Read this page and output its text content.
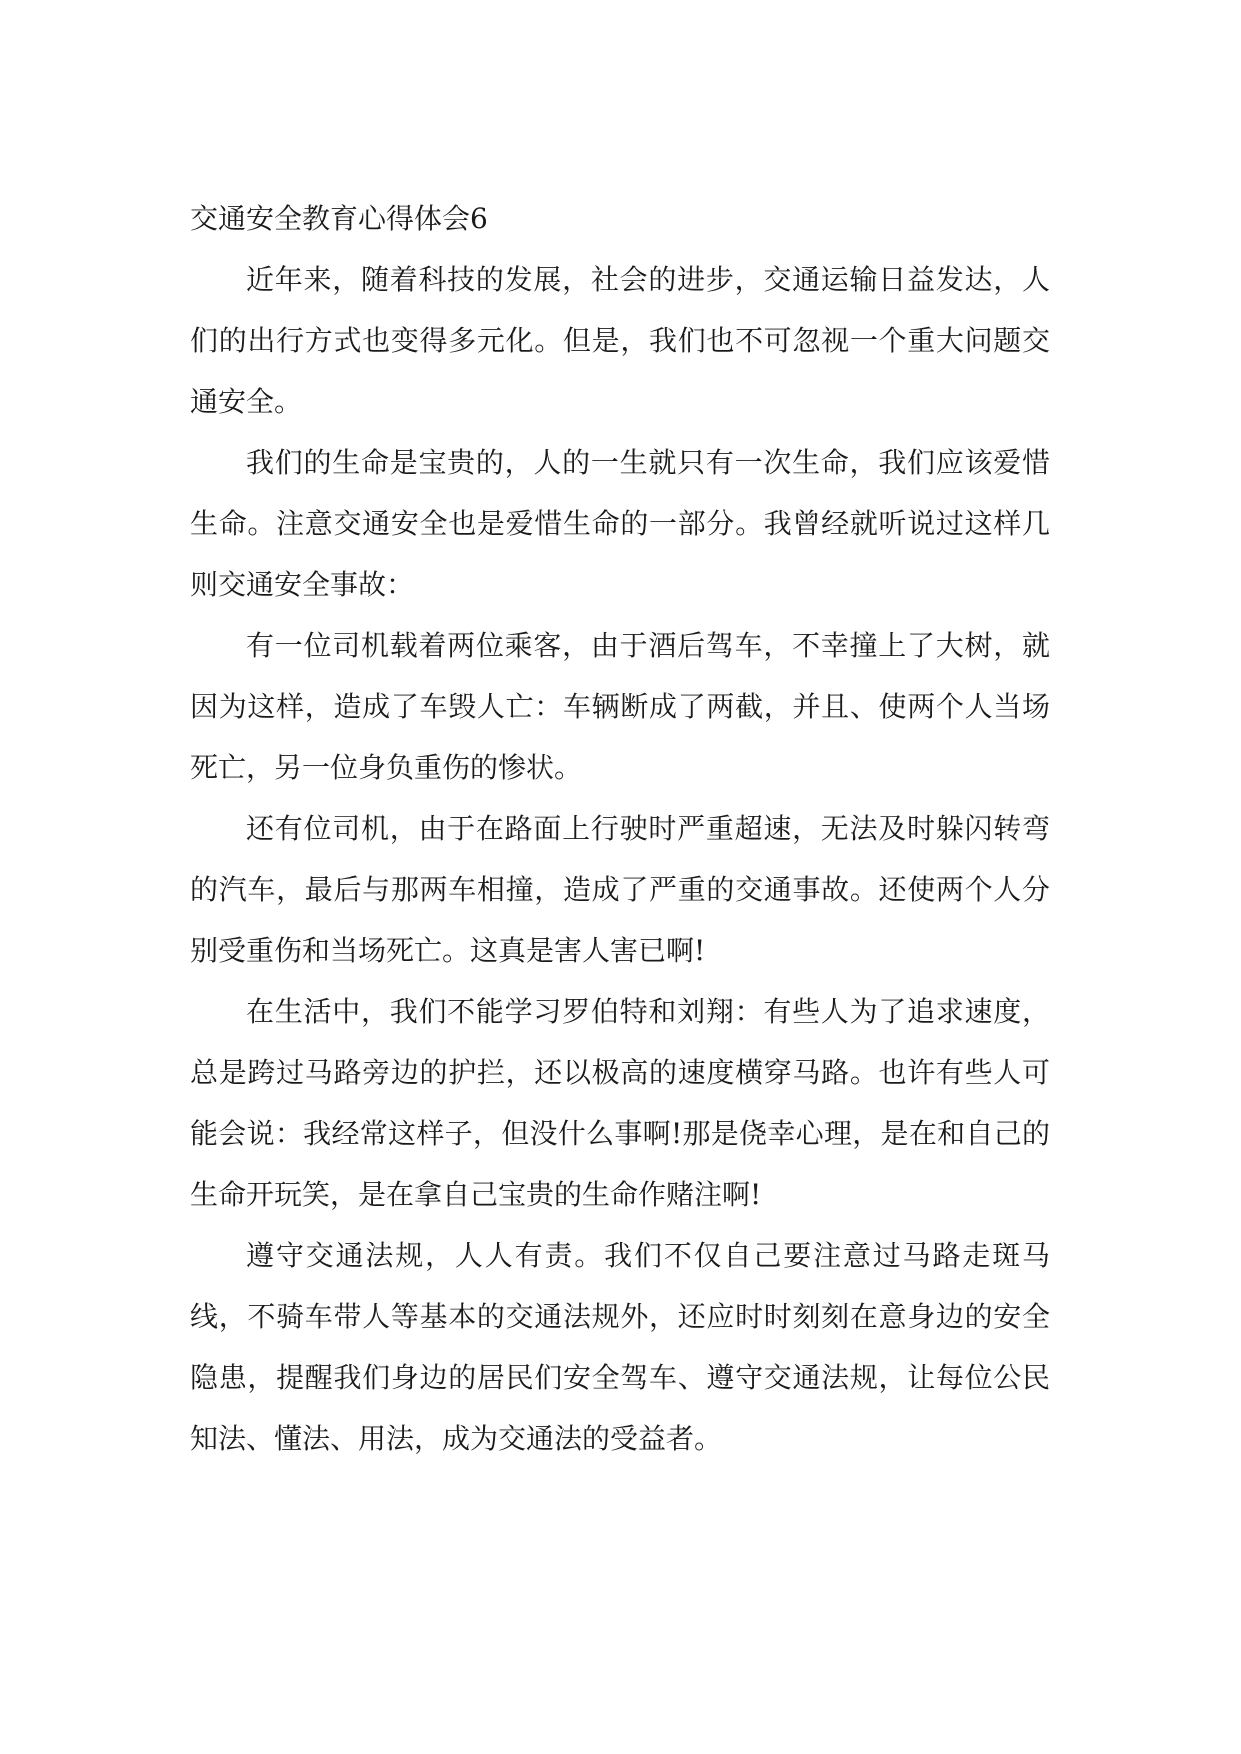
交通安全教育心得体会6

近年来，随着科技的发展，社会的进步，交通运输日益发达，人们的出行方式也变得多元化。但是，我们也不可忽视一个重大问题交通安全。

我们的生命是宝贵的，人的一生就只有一次生命，我们应该爱惜生命。注意交通安全也是爱惜生命的一部分。我曾经就听说过这样几则交通安全事故：

有一位司机载着两位乘客，由于酒后驾车，不幸撞上了大树，就因为这样，造成了车毁人亡：车辆断成了两截，并且、使两个人当场死亡，另一位身负重伤的惨状。

还有位司机，由于在路面上行驶时严重超速，无法及时躲闪转弯的汽车，最后与那两车相撞，造成了严重的交通事故。还使两个人分别受重伤和当场死亡。这真是害人害已啊!

在生活中，我们不能学习罗伯特和刘翔：有些人为了追求速度，总是跨过马路旁边的护拦，还以极高的速度横穿马路。也许有些人可能会说：我经常这样子，但没什么事啊!那是侥幸心理，是在和自己的生命开玩笑，是在拿自己宝贵的生命作赌注啊!

遵守交通法规，人人有责。我们不仅自己要注意过马路走斑马线，不骑车带人等基本的交通法规外，还应时时刻刻在意身边的安全隐患，提醒我们身边的居民们安全驾车、遵守交通法规，让每位公民知法、懂法、用法，成为交通法的受益者。
